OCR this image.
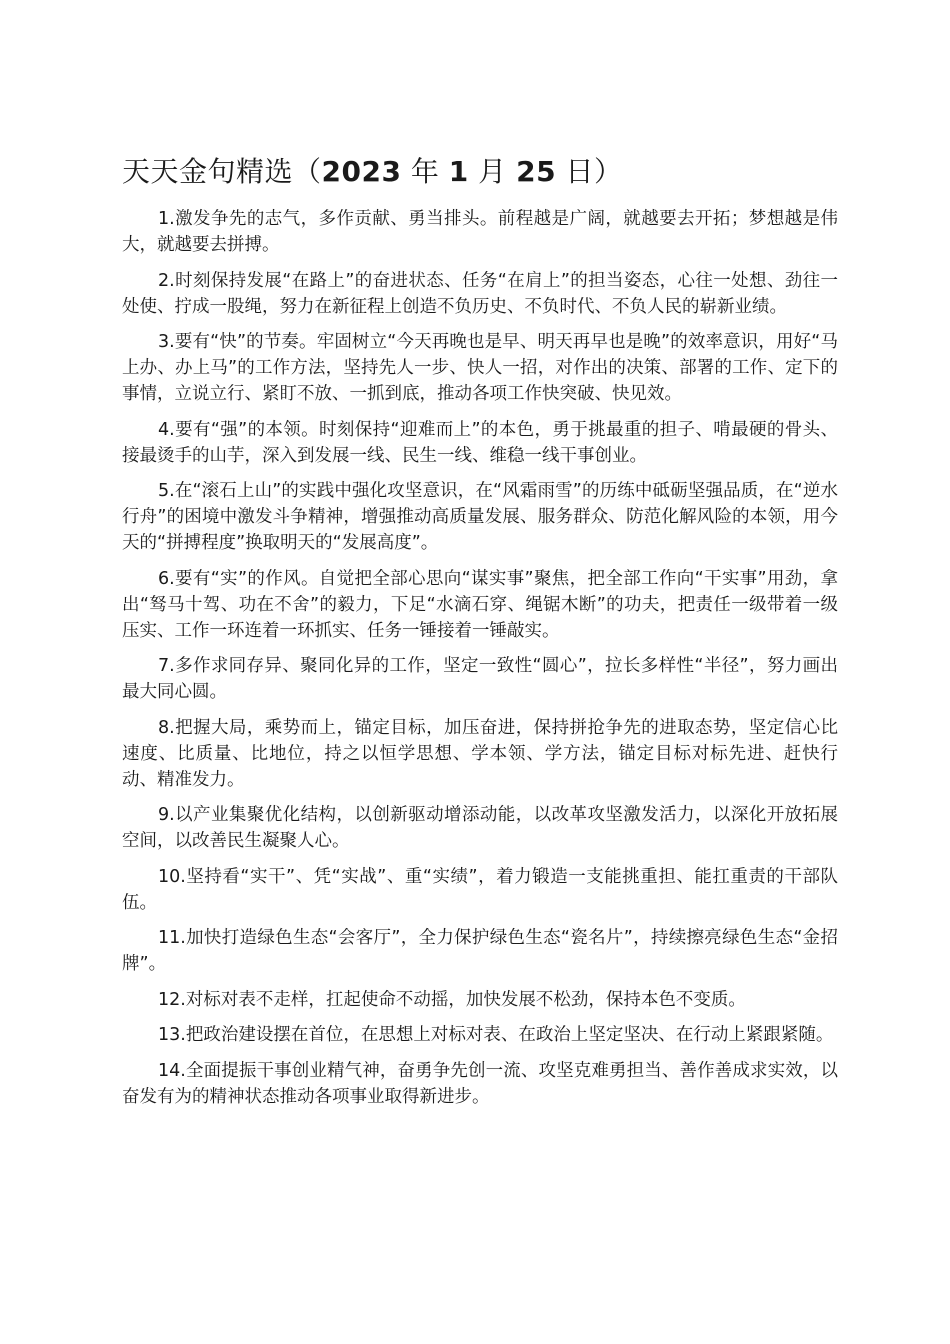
天天金句精选（2023 年 1 月 25 日）

1.激发争先的志气，多作贡献、勇当排头。前程越是广阔，就越要去开拓；梦想越是伟大，就越要去拼搏。

2.时刻保持发展“在路上”的奋进状态、任务“在肩上”的担当姿态，心往一处想、劲往一处使、拧成一股绳，努力在新征程上创造不负历史、不负时代、不负人民的崭新业绩。

3.要有“快”的节奏。牢固树立“今天再晚也是早、明天再早也是晚”的效率意识，用好“马上办、办上马”的工作方法，坚持先人一步、快人一招，对作出的决策、部署的工作、定下的事情，立说立行、紧盯不放、一抓到底，推动各项工作快突破、快见效。

4.要有“强”的本领。时刻保持“迎难而上”的本色，勇于挑最重的担子、啃最硬的骨头、接最烫手的山芋，深入到发展一线、民生一线、维稳一线干事创业。

5.在“滚石上山”的实践中强化攻坚意识，在“风霜雨雪”的历练中砥砺坚强品质，在“逆水行舟”的困境中激发斗争精神，增强推动高质量发展、服务群众、防范化解风险的本领，用今天的“拼搏程度”换取明天的“发展高度”。

6.要有“实”的作风。自觉把全部心思向“谋实事”聚焦，把全部工作向“干实事”用劲，拿出“驽马十驾、功在不舍”的毅力，下足“水滴石穿、绳锯木断”的功夫，把责任一级带着一级压实、工作一环连着一环抓实、任务一锤接着一锤敲实。

7.多作求同存异、聚同化异的工作，坚定一致性“圆心”，拉长多样性“半径”，努力画出最大同心圆。

8.把握大局，乘势而上，锚定目标，加压奋进，保持拼抢争先的进取态势，坚定信心比速度、比质量、比地位，持之以恒学思想、学本领、学方法，锚定目标对标先进、赶快行动、精准发力。

9.以产业集聚优化结构，以创新驱动增添动能，以改革攻坚激发活力，以深化开放拓展空间，以改善民生凝聚人心。

10.坚持看“实干”、凭“实战”、重“实绩”，着力锻造一支能挑重担、能扛重责的干部队伍。

11.加快打造绿色生态“会客厅”，全力保护绿色生态“瓷名片”，持续擦亮绿色生态“金招牌”。

12.对标对表不走样，扛起使命不动摇，加快发展不松劲，保持本色不变质。

13.把政治建设摆在首位，在思想上对标对表、在政治上坚定坚决、在行动上紧跟紧随。

14.全面提振干事创业精气神，奋勇争先创一流、攻坚克难勇担当、善作善成求实效，以奋发有为的精神状态推动各项事业取得新进步。
